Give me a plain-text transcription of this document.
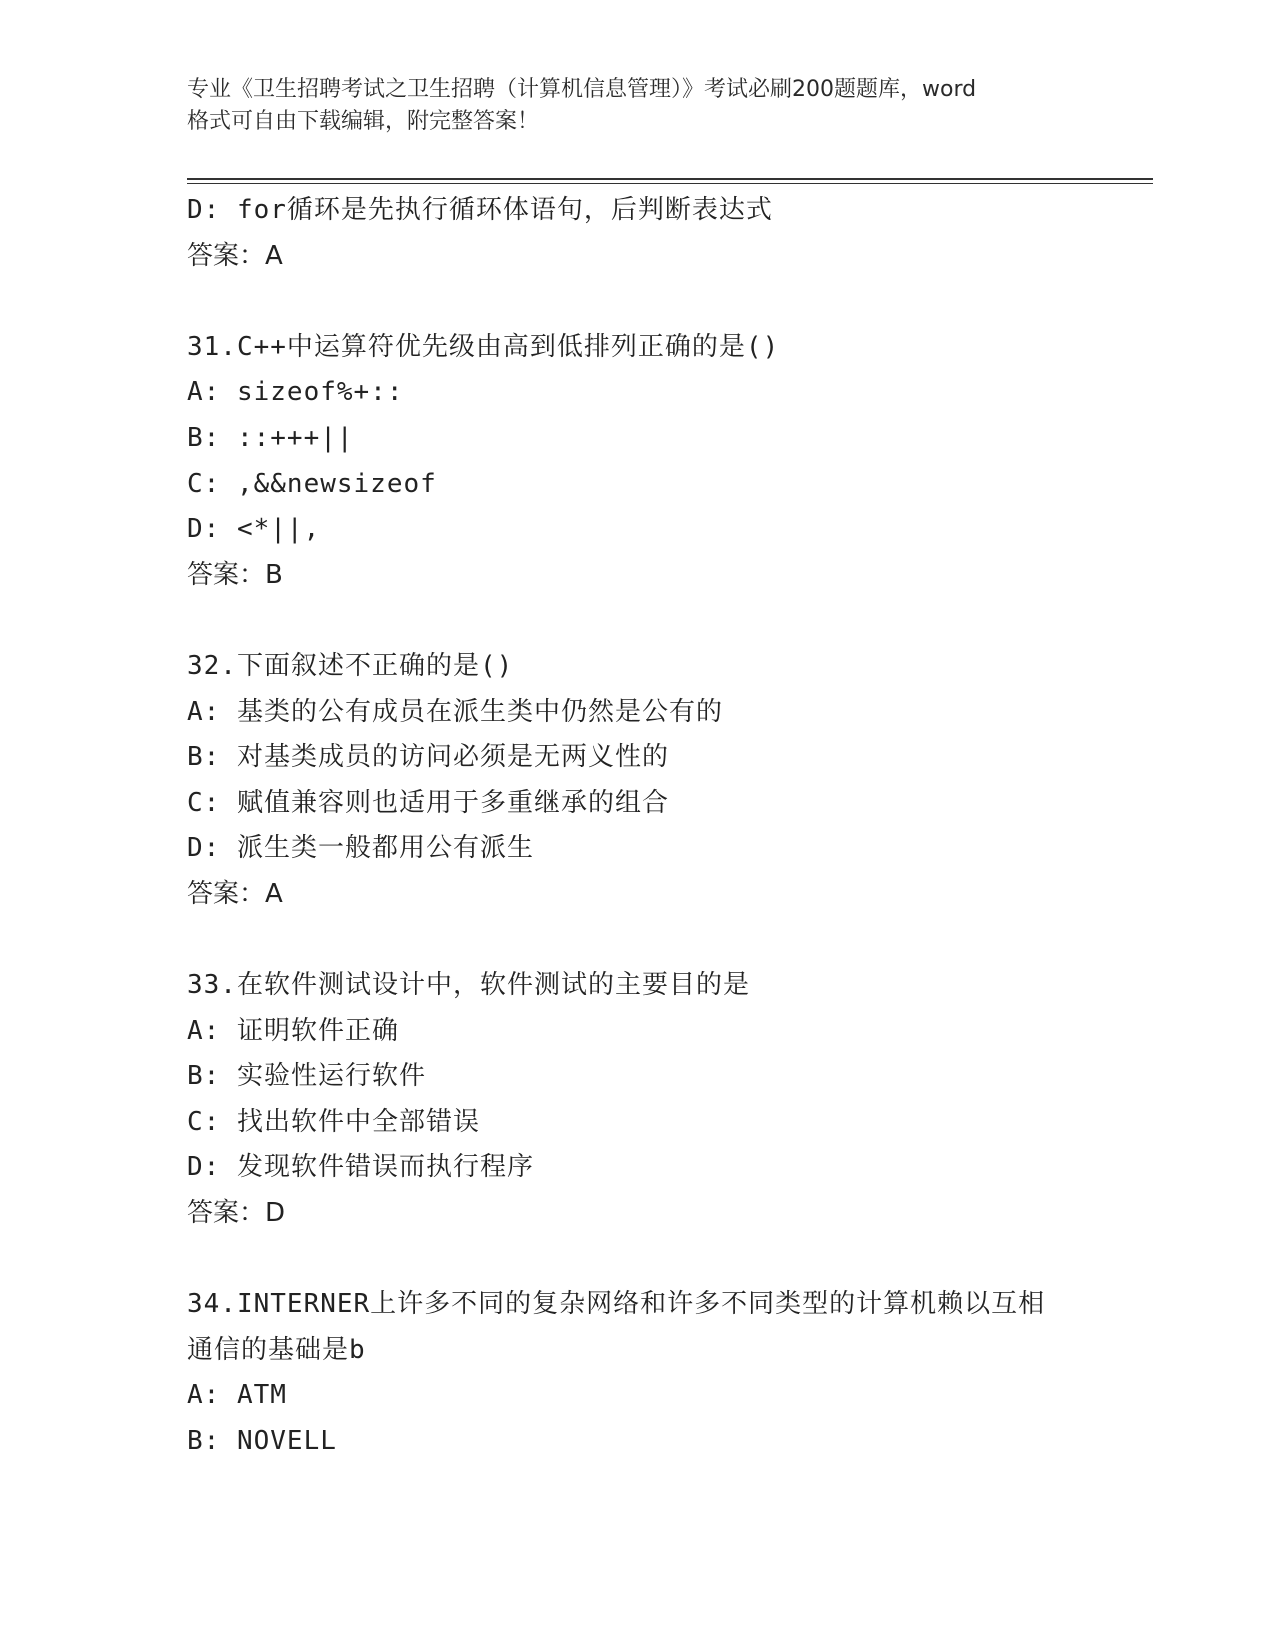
专业《卫生招聘考试之卫生招聘（计算机信息管理）》考试必刷200题题库，word
格式可自由下载编辑，附完整答案！
D: for循环是先执行循环体语句，后判断表达式
答案：A
31.C++中运算符优先级由高到低排列正确的是()
A: sizeof%+::
B: ::+++||
C: ,&&newsizeof
D: <*||,
答案：B
32.下面叙述不正确的是()
A: 基类的公有成员在派生类中仍然是公有的
B: 对基类成员的访问必须是无两义性的
C: 赋值兼容则也适用于多重继承的组合
D: 派生类一般都用公有派生
答案：A
33.在软件测试设计中，软件测试的主要目的是
A: 证明软件正确
B: 实验性运行软件
C: 找出软件中全部错误
D: 发现软件错误而执行程序
答案：D
34.INTERNER上许多不同的复杂网络和许多不同类型的计算机赖以互相
通信的基础是b
A: ATM
B: NOVELL
